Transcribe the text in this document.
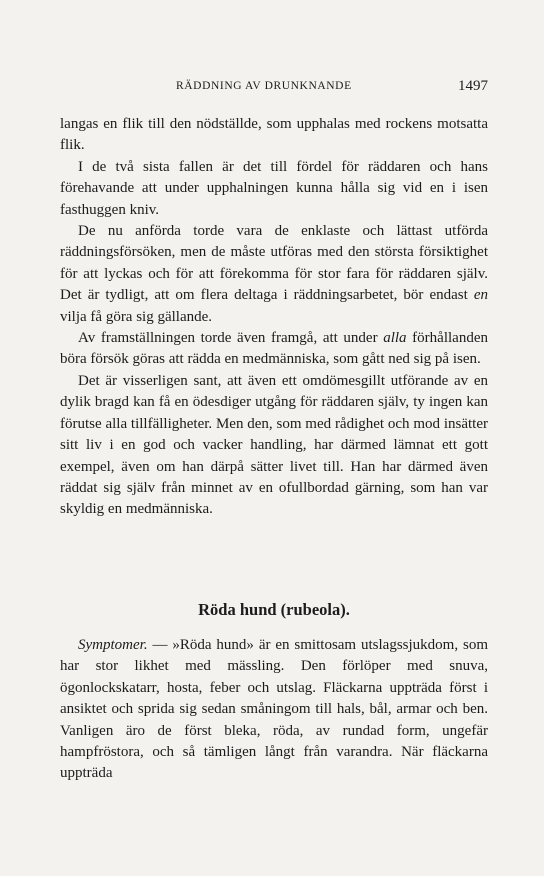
RÄDDNING AV DRUNKNANDE	1497

langas en flik till den nödställde, som upphalas med rockens motsatta flik.

I de två sista fallen är det till fördel för räddaren och hans förehavande att under upphalningen kunna hålla sig vid en i isen fasthuggen kniv.

De nu anförda torde vara de enklaste och lättast utförda räddningsförsöken, men de måste utföras med den största försiktighet för att lyckas och för att förekomma för stor fara för räddaren själv. Det är tydligt, att om flera deltaga i räddningsarbetet, bör endast en vilja få göra sig gällande.

Av framställningen torde även framgå, att under alla förhållanden böra försök göras att rädda en medmänniska, som gått ned sig på isen.

Det är visserligen sant, att även ett omdömesgillt utförande av en dylik bragd kan få en ödesdiger utgång för räddaren själv, ty ingen kan förutse alla tillfälligheter. Men den, som med rådighet och mod insätter sitt liv i en god och vacker handling, har därmed lämnat ett gott exempel, även om han därpå sätter livet till. Han har därmed även räddat sig själv från minnet av en ofullbordad gärning, som han var skyldig en medmänniska.

Röda hund (rubeola).

Symptomer. — »Röda hund» är en smittosam utslagssjukdom, som har stor likhet med mässling. Den förlöper med snuva, ögonlockskatarr, hosta, feber och utslag. Fläckarna uppträda först i ansiktet och sprida sig sedan småningom till hals, bål, armar och ben. Vanligen äro de först bleka, röda, av rundad form, ungefär hampfröstora, och så tämligen långt från varandra. När fläckarna uppträda
